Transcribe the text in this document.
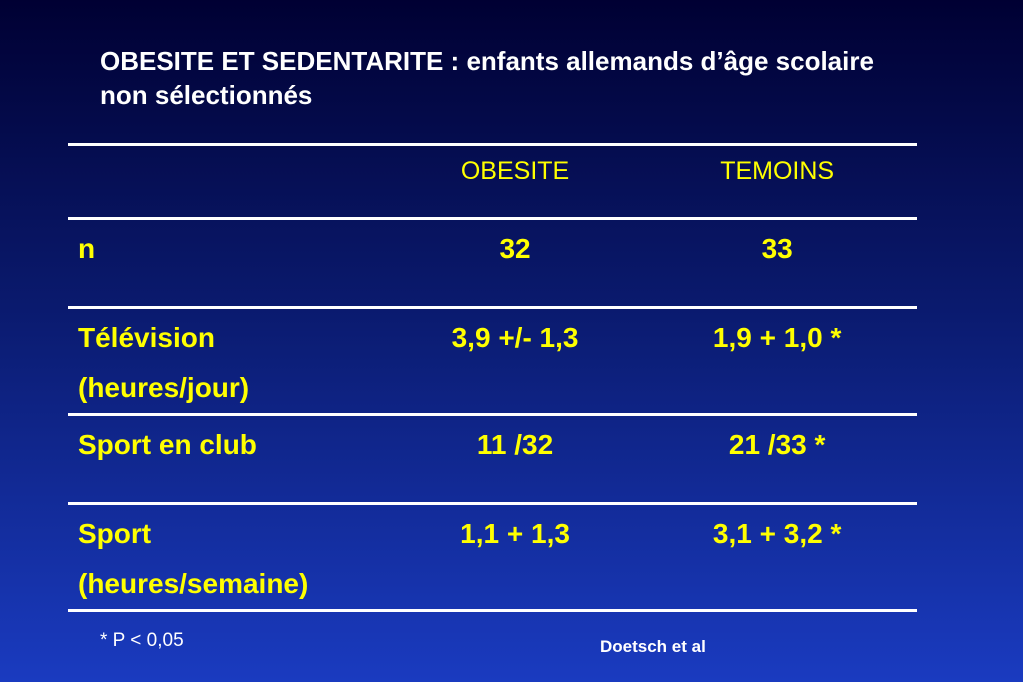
OBESITE ET SEDENTARITE : enfants allemands d’âge scolaire non sélectionnés
	OBESITE	TEMOINS

n	32	33

Télévision
(heures/jour)	3,9 +/- 1,3	1,9 + 1,0 *

Sport en club	11 /32	21 /33 *

Sport
(heures/semaine)	1,1 + 1,3	3,1 + 3,2 *
* P < 0,05	Doetsch et al
